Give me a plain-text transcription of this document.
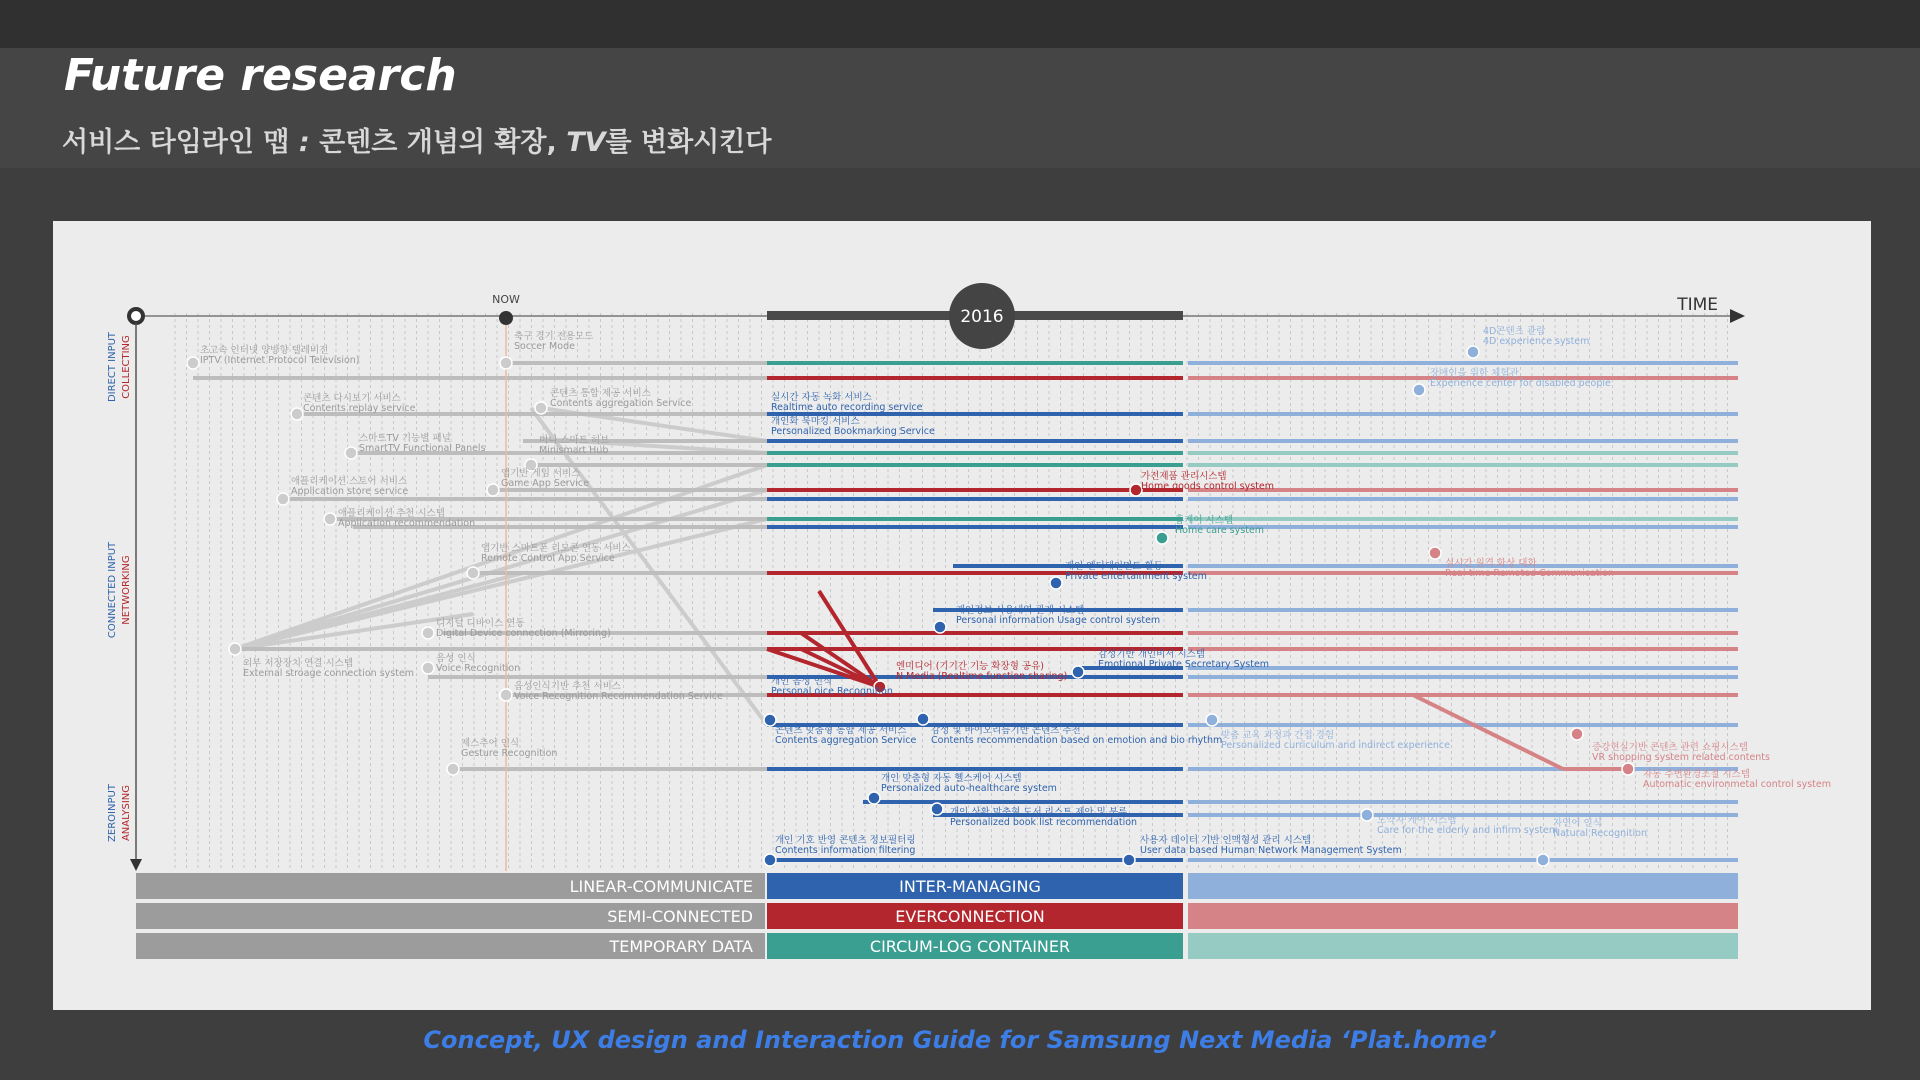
Future research
서비스 타임라인 맵 : 콘텐츠 개념의 확장, TV를 변화시킨다
2016
NOW	TIME
DIRECT INPUT COLLECTING
CONNECTED INPUT NETWORKING
ZEROINPUT ANALYSING
초고속 인터넷 양방향 텔레비전
IPTV (Internet Protocol Television)
축구 경기 전용모드
Soccer Mode
콘텐츠 다시보기 서비스
Contents replay service
콘텐츠 통합 제공 서비스
Contents aggregation Service
스마트TV 기능별 패널
SmartTV Functional Panels
미니 스마트 허브
Minismart Hub
애플리케이션 스토어 서비스
Application store service
앱기반 게임 서비스
Game App Service
애플리케이션 추천 시스템
Application recommendation
앱기반 스마트폰 리모콘 연동 서비스
Remote Control App Service
디지털 디바이스 연동
Digital Device connection (Mirroring)
외부 저장장치 연결 시스템
External stroage connection system
음성 인식
Voice Recognition
음성인식기반 추천 서비스
Voice Recognition Recommendation Service
제스추어 인식
Gesture Recognition
실시간 자동 녹화 서비스
Realtime auto recording service
개인화 북마킹 서비스
Personalized Bookmarking Service
가전제품 관리시스템
Home goods control system
홈케어 시스템
Home care system
개인 엔터테인먼트 활동
Private entertainment system
개인정보 사용내역 관제 시스템
Personal information Usage control system
감성기반 개인비서 시스템
Emotional Private Secretary System
엔미디어 (기기간 기능 확장형 공유)
N Media (Realtime function sharing)
개인 음성 인식
Personal oice Recognition
콘텐츠 맞춤형 통합 제공 서비스
Contents aggregation Service
감성 및 바이오리듬기반 콘텐츠 추천
Contents recommendation based on emotion and bio rhythm
개인 맞춤형 자동 헬스케어 시스템
Personalized auto-healthcare system
개인 상황 맞춤형 도서 리스트 제안 및 분류
Personalized book list recommendation
개인 기호 반영 콘텐츠 정보필터링
Contents information filtering
사용자 데이터 기반 인맥형성 관리 시스템
User data based Human Network Management System
4D콘텐츠 관람
4D experience system
장애인을 위한 체험관
Experience center for disabled people
실시간 원격 화상 대화
Real-time Remoted Communication
맞춤 교육 과정과 간접 경험
Personalized curriculum and indirect experience	증강현실기반 콘텐츠 관련 쇼핑시스템
VR shopping system related contents
자동 주변환경조절 시스템
Automatic environmetal control system
노약자 케어 시스템
Care for the elderly and infirm system
자연어 인식
Natural Recognition
LINEAR-COMMUNICATE	INTER-MANAGING
SEMI-CONNECTED	EVERCONNECTION
TEMPORARY DATA	CIRCUM-LOG CONTAINER
Concept, UX design and Interaction Guide for Samsung Next Media ‘Plat.home’
